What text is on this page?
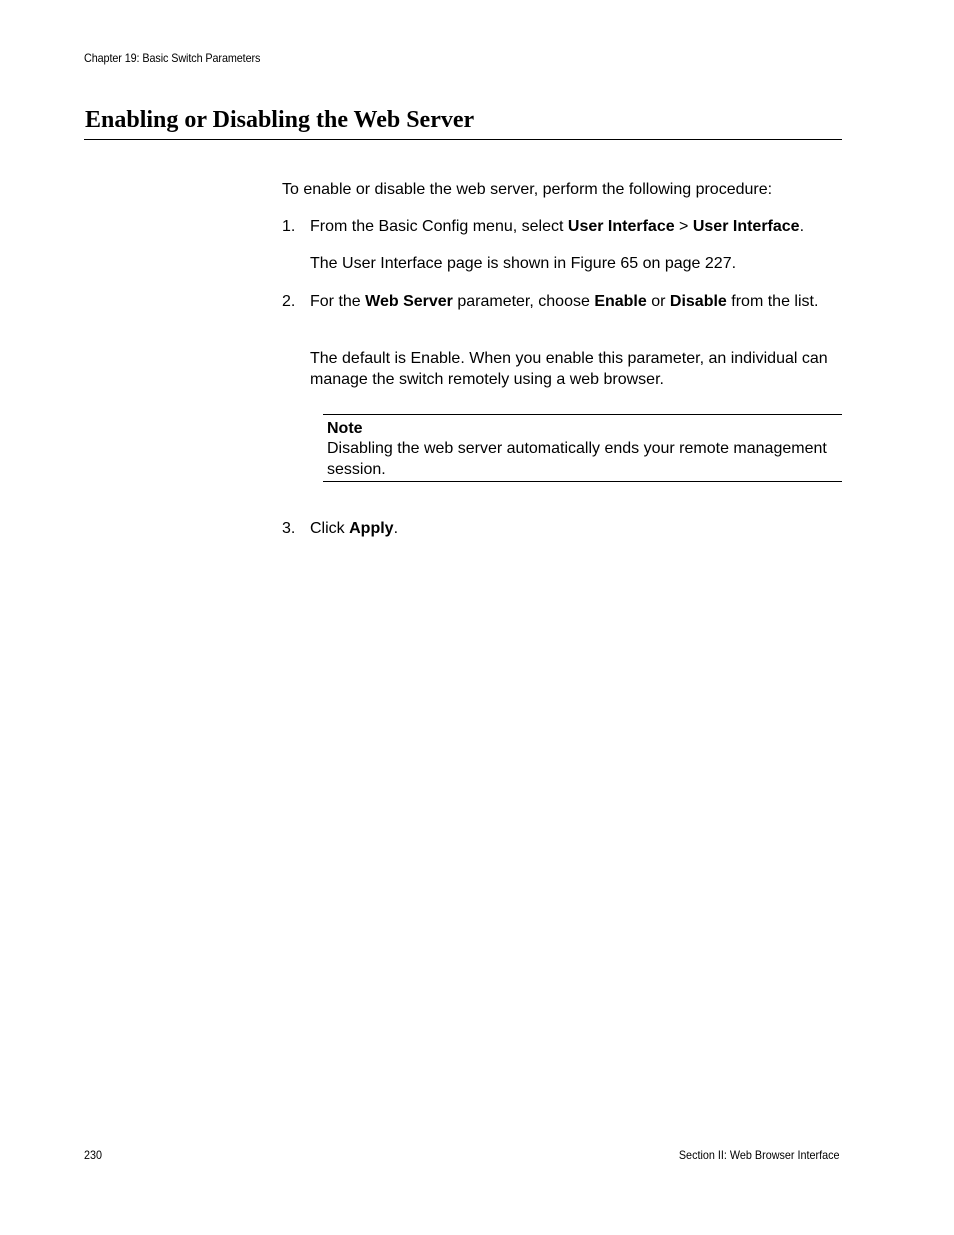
Chapter 19: Basic Switch Parameters
Enabling or Disabling the Web Server
To enable or disable the web server, perform the following procedure:
1. From the Basic Config menu, select User Interface > User Interface.
The User Interface page is shown in Figure 65 on page 227.
2. For the Web Server parameter, choose Enable or Disable from the list.
The default is Enable. When you enable this parameter, an individual can manage the switch remotely using a web browser.
Note
Disabling the web server automatically ends your remote management session.
3. Click Apply.
230	Section II: Web Browser Interface
